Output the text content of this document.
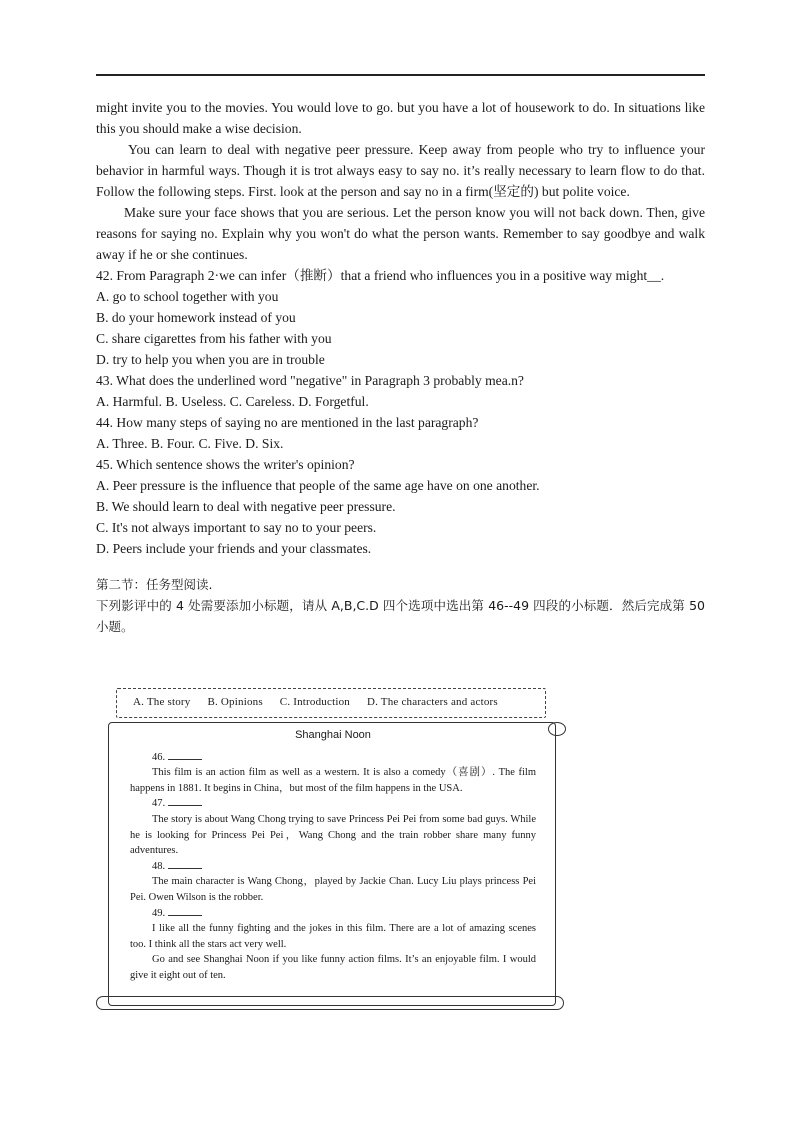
might invite you to the movies. You would love to go. but you have a lot of housework to do. In situations like this you should make a wise decision.

You can learn to deal with negative peer pressure. Keep away from people who try to influence your behavior in harmful ways. Though it is trot always easy to say no. it’s really necessary to learn flow to do that. Follow the following steps. First. look at the person and say no in a firm(坚定的) but polite voice.

Make sure your face shows that you are serious. Let the person know you will not back down. Then, give reasons for saying no. Explain why you won't do what the person wants. Remember to say goodbye and walk away if he or she continues.

42. From Paragraph 2·we can infer（推断）that a friend who influences you in a positive way might__.

A. go to school together with you

B. do your homework instead of you

C. share cigarettes from his father with you

D. try to help you when you are in trouble

43. What does the underlined word "negative" in Paragraph 3 probably mea.n?

A. Harmful. B. Useless. C. Careless. D. Forgetful.

44. How many steps of saying no are mentioned in the last paragraph?

A. Three. B. Four. C. Five. D. Six.

45. Which sentence shows the writer's opinion?

A. Peer pressure is the influence that people of the same age have on one another.

B. We should learn to deal with negative peer pressure.

C. It's not always important to say no to your peers.

D. Peers include your friends and your classmates.

第二节：任务型阅读.

下列影评中的 4 处需要添加小标题，请从 A,B,C.D 四个选项中选出第 46--49 四段的小标题．然后完成第 50 小题。

A. The story B. Opinions C. Introduction D. The characters and actors

Shanghai Noon

46.

This film is an action film as well as a western. It is also a comedy（喜剧）. The film happens in 1881. It begins in China，but most of the film happens in the USA.

47.

The story is about Wang Chong trying to save Princess Pei Pei from some bad guys. While he is looking for Princess Pei Pei，Wang Chong and the train robber share many funny adventures.

48.

The main character is Wang Chong，played by Jackie Chan. Lucy Liu plays princess Pei Pei. Owen Wilson is the robber.

49.

I like all the funny fighting and the jokes in this film. There are a lot of amazing scenes too. I think all the stars act very well.

Go and see Shanghai Noon if you like funny action films. It’s an enjoyable film. I would give it eight out of ten.
